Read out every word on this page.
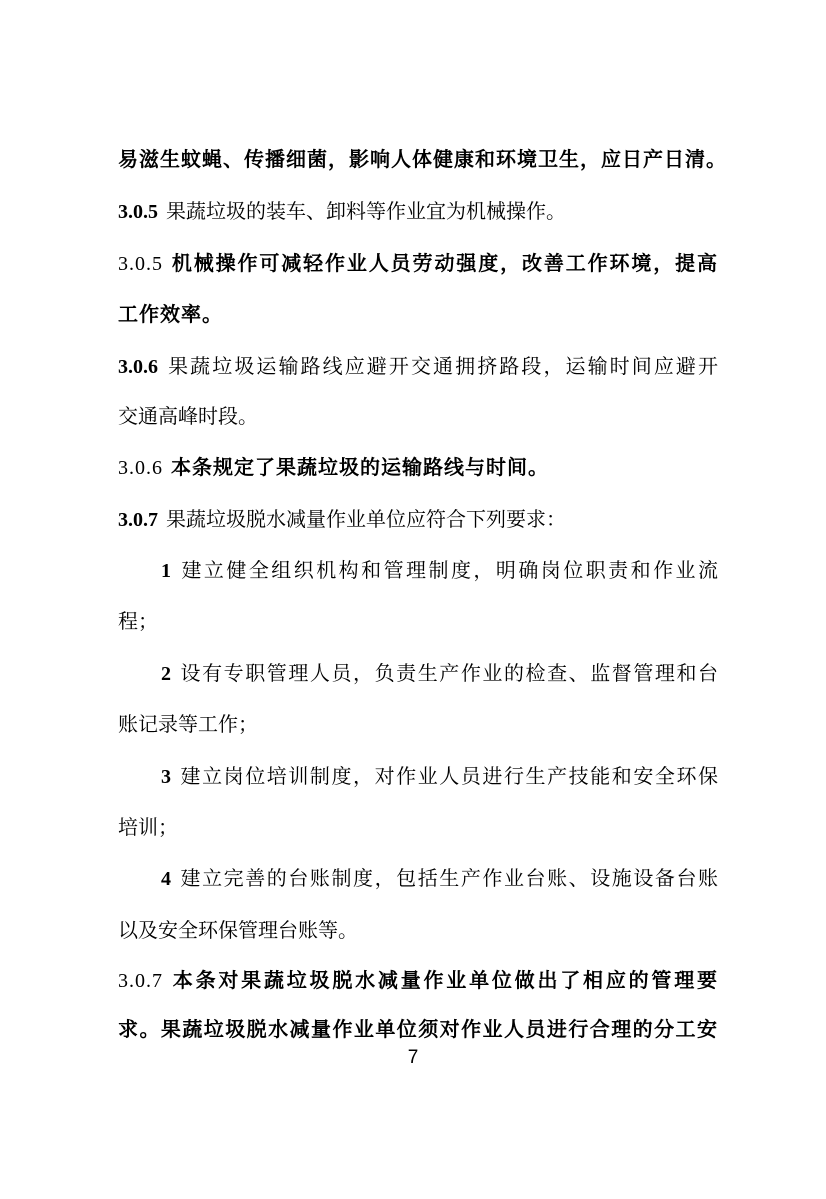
易滋生蚊蝇、传播细菌，影响人体健康和环境卫生，应日产日清。
3.0.5 果蔬垃圾的装车、卸料等作业宜为机械操作。
3.0.5 机械操作可减轻作业人员劳动强度，改善工作环境，提高
工作效率。
3.0.6 果蔬垃圾运输路线应避开交通拥挤路段，运输时间应避开
交通高峰时段。
3.0.6 本条规定了果蔬垃圾的运输路线与时间。
3.0.7 果蔬垃圾脱水减量作业单位应符合下列要求：
1 建立健全组织机构和管理制度，明确岗位职责和作业流
程；
2 设有专职管理人员，负责生产作业的检查、监督管理和台
账记录等工作；
3 建立岗位培训制度，对作业人员进行生产技能和安全环保
培训；
4 建立完善的台账制度，包括生产作业台账、设施设备台账
以及安全环保管理台账等。
3.0.7 本条对果蔬垃圾脱水减量作业单位做出了相应的管理要
求。果蔬垃圾脱水减量作业单位须对作业人员进行合理的分工安
7
